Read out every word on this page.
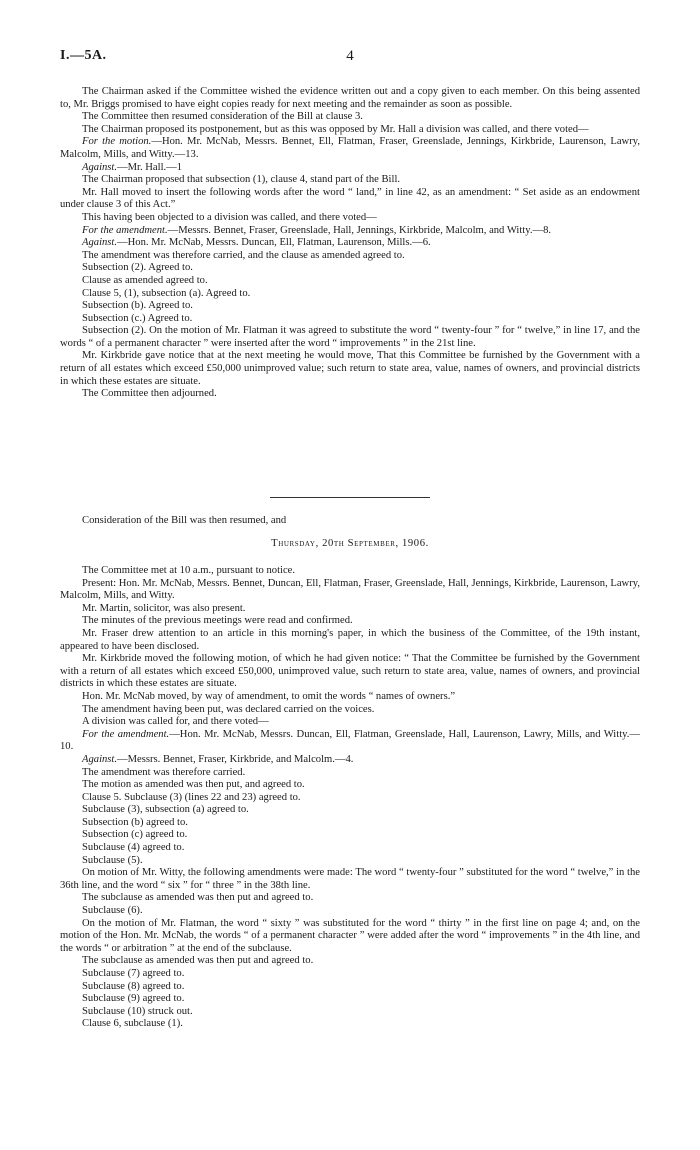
I.—5A.	4

The Chairman asked if the Committee wished the evidence written out and a copy given to each member. On this being assented to, Mr. Briggs promised to have eight copies ready for next meeting and the remainder as soon as possible.

The Committee then resumed consideration of the Bill at clause 3.

The Chairman proposed its postponement, but as this was opposed by Mr. Hall a division was called, and there voted—

For the motion.—Hon. Mr. McNab, Messrs. Bennet, Ell, Flatman, Fraser, Greenslade, Jennings, Kirkbride, Laurenson, Lawry, Malcolm, Mills, and Witty.—13.

Against.—Mr. Hall.—1

The Chairman proposed that subsection (1), clause 4, stand part of the Bill.

Mr. Hall moved to insert the following words after the word “ land,” in line 42, as an amendment: “ Set aside as an endowment under clause 3 of this Act.”

This having been objected to a division was called, and there voted—

For the amendment.—Messrs. Bennet, Fraser, Greenslade, Hall, Jennings, Kirkbride, Malcolm, and Witty.—8.

Against.—Hon. Mr. McNab, Messrs. Duncan, Ell, Flatman, Laurenson, Mills.—6.

The amendment was therefore carried, and the clause as amended agreed to.

Subsection (2). Agreed to.

Clause as amended agreed to.

Clause 5, (1), subsection (a). Agreed to.

Subsection (b). Agreed to.

Subsection (c.) Agreed to.

Subsection (2). On the motion of Mr. Flatman it was agreed to substitute the word “ twenty-four ” for “ twelve,” in line 17, and the words “ of a permanent character ” were inserted after the word “ improvements ” in the 21st line.

Mr. Kirkbride gave notice that at the next meeting he would move, That this Committee be furnished by the Government with a return of all estates which exceed £50,000 unimproved value; such return to state area, value, names of owners, and provincial districts in which these estates are situate.

The Committee then adjourned.

Consideration of the Bill was then resumed, and

Thursday, 20th September, 1906.

The Committee met at 10 a.m., pursuant to notice.

Present: Hon. Mr. McNab, Messrs. Bennet, Duncan, Ell, Flatman, Fraser, Greenslade, Hall, Jennings, Kirkbride, Laurenson, Lawry, Malcolm, Mills, and Witty.

Mr. Martin, solicitor, was also present.

The minutes of the previous meetings were read and confirmed.

Mr. Fraser drew attention to an article in this morning's paper, in which the business of the Committee, of the 19th instant, appeared to have been disclosed.

Mr. Kirkbride moved the following motion, of which he had given notice: “ That the Committee be furnished by the Government with a return of all estates which exceed £50,000, unimproved value, such return to state area, value, names of owners, and provincial districts in which these estates are situate.

Hon. Mr. McNab moved, by way of amendment, to omit the words “ names of owners.”

The amendment having been put, was declared carried on the voices.

A division was called for, and there voted—

For the amendment.—Hon. Mr. McNab, Messrs. Duncan, Ell, Flatman, Greenslade, Hall, Laurenson, Lawry, Mills, and Witty.—10.

Against.—Messrs. Bennet, Fraser, Kirkbride, and Malcolm.—4.

The amendment was therefore carried.

The motion as amended was then put, and agreed to.

Clause 5. Subclause (3) (lines 22 and 23) agreed to.

Subclause (3), subsection (a) agreed to.

Subsection (b) agreed to.

Subsection (c) agreed to.

Subclause (4) agreed to.

Subclause (5).

On motion of Mr. Witty, the following amendments were made: The word “ twenty-four ” substituted for the word “ twelve,” in the 36th line, and the word “ six ” for “ three ” in the 38th line.

The subclause as amended was then put and agreed to.

Subclause (6).

On the motion of Mr. Flatman, the word “ sixty ” was substituted for the word “ thirty ” in the first line on page 4; and, on the motion of the Hon. Mr. McNab, the words “ of a permanent character ” were added after the word “ improvements ” in the 4th line, and the words “ or arbitration ” at the end of the subclause.

The subclause as amended was then put and agreed to.

Subclause (7) agreed to.

Subclause (8) agreed to.

Subclause (9) agreed to.

Subclause (10) struck out.

Clause 6, subclause (1).
